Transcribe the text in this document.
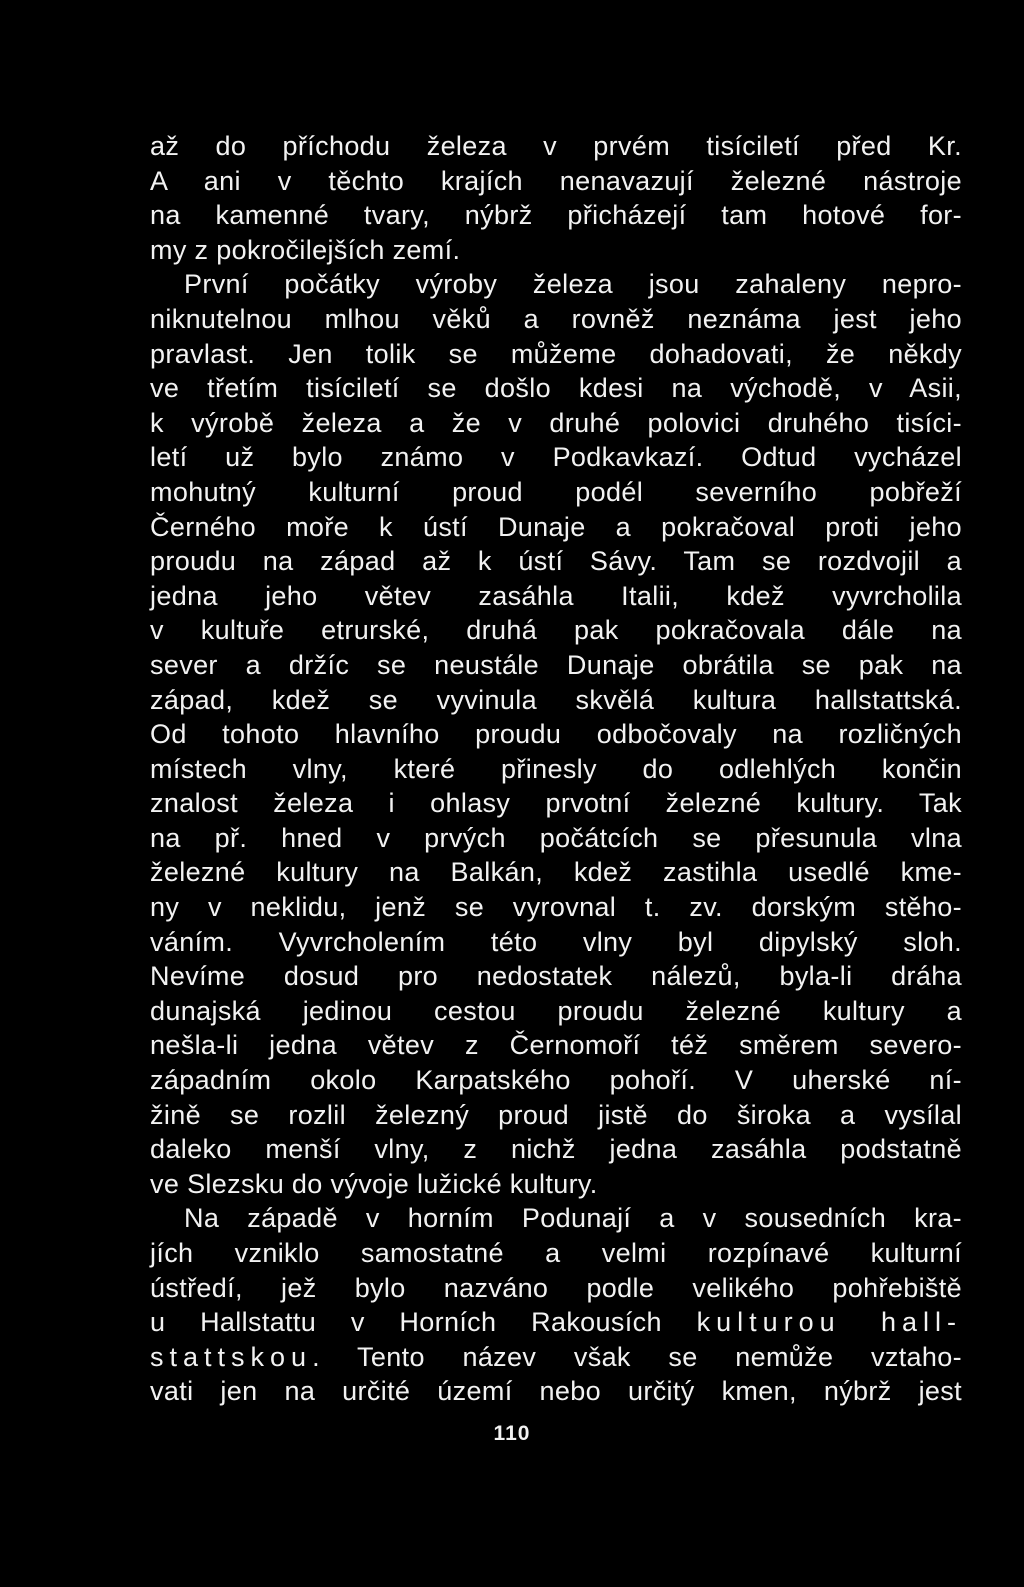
až do příchodu železa v prvém tisíciletí před Kr.
A ani v těchto krajích nenavazují železné nástroje
na kamenné tvary, nýbrž přicházejí tam hotové for-
my z pokročilejších zemí.
První počátky výroby železa jsou zahaleny nepro-
niknutelnou mlhou věků a rovněž neznáma jest jeho
pravlast. Jen tolik se můžeme dohadovati, že někdy
ve třetím tisíciletí se došlo kdesi na východě, v Asii,
k výrobě železa a že v druhé polovici druhého tisíci-
letí už bylo známo v Podkavkazí. Odtud vycházel
mohutný kulturní proud podél severního pobřeží
Černého moře k ústí Dunaje a pokračoval proti jeho
proudu na západ až k ústí Sávy. Tam se rozdvojil a
jedna jeho větev zasáhla Italii, kdež vyvrcholila
v kultuře etrurské, druhá pak pokračovala dále na
sever a držíc se neustále Dunaje obrátila se pak na
západ, kdež se vyvinula skvělá kultura hallstattská.
Od tohoto hlavního proudu odbočovaly na rozličných
místech vlny, které přinesly do odlehlých končin
znalost železa i ohlasy prvotní železné kultury. Tak
na př. hned v prvých počátcích se přesunula vlna
železné kultury na Balkán, kdež zastihla usedlé kme-
ny v neklidu, jenž se vyrovnal t. zv. dorským stěho-
váním. Vyvrcholením této vlny byl dipylský sloh.
Nevíme dosud pro nedostatek nálezů, byla-li dráha
dunajská jedinou cestou proudu železné kultury a
nešla-li jedna větev z Černomoří též směrem severo-
západním okolo Karpatského pohoří. V uherské ní-
žině se rozlil železný proud jistě do široka a vysílal
daleko menší vlny, z nichž jedna zasáhla podstatně
ve Slezsku do vývoje lužické kultury.
Na západě v horním Podunají a v sousedních kra-
jích vzniklo samostatné a velmi rozpínavé kulturní
ústředí, jež bylo nazváno podle velikého pohřebiště
u Hallstattu v Horních Rakousích kulturou hall-
stattskou. Tento název však se nemůže vztaho-
vati jen na určité území nebo určitý kmen, nýbrž jest
110
